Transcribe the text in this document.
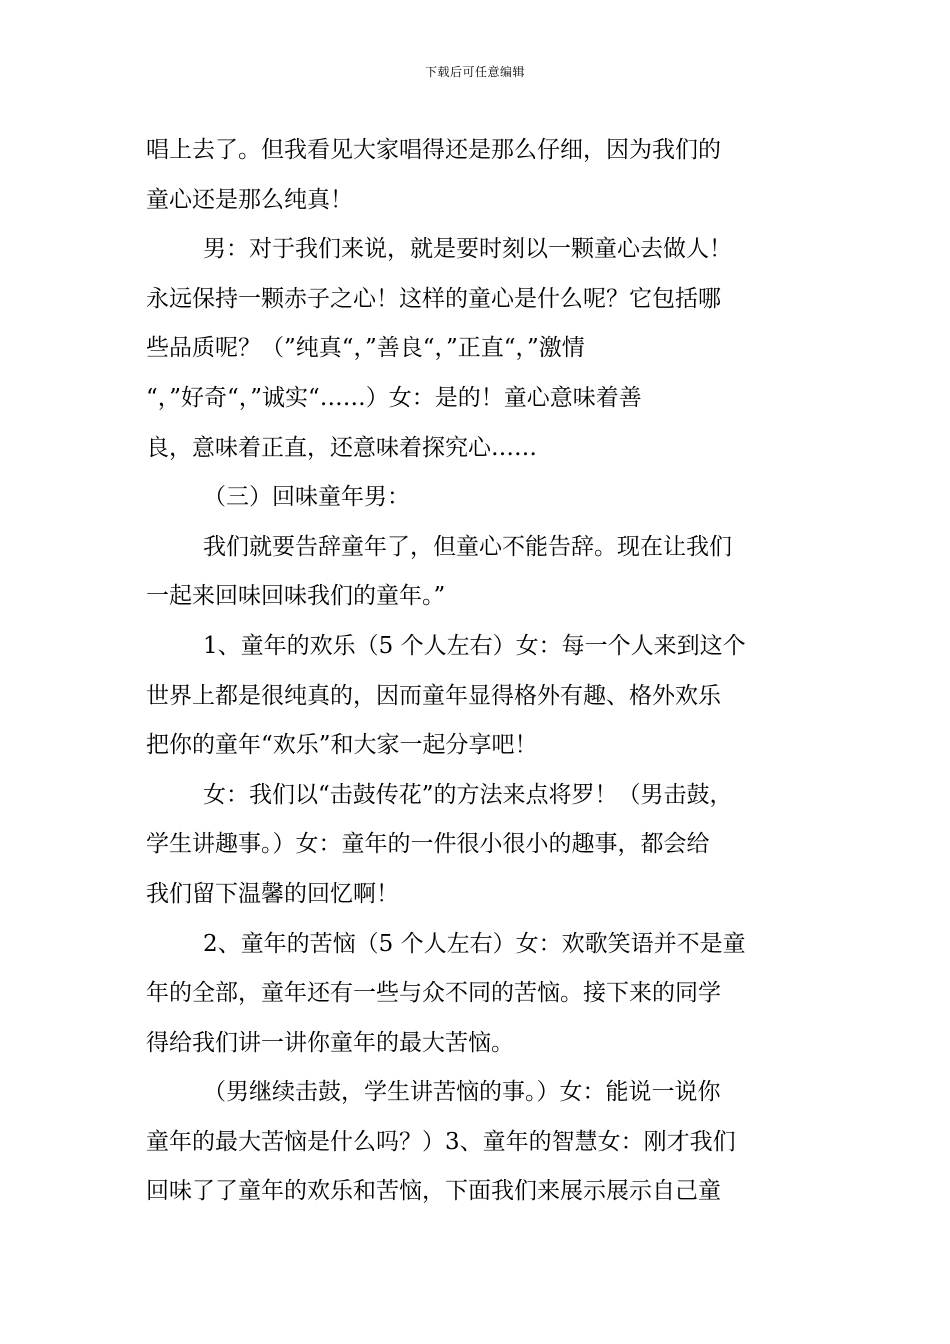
下载后可任意编辑
唱上去了。但我看见大家唱得还是那么仔细，因为我们的
童心还是那么纯真！
男：对于我们来说，就是要时刻以一颗童心去做人！
永远保持一颗赤子之心！这样的童心是什么呢？它包括哪
些品质呢？（”纯真“，”善良“，”正直“，”激情
“，”好奇“，”诚实“……）女：是的！童心意味着善
良，意味着正直，还意味着探究心……
（三）回味童年男：
我们就要告辞童年了，但童心不能告辞。现在让我们
一起来回味回味我们的童年。”
1、童年的欢乐（5 个人左右）女：每一个人来到这个
世界上都是很纯真的，因而童年显得格外有趣、格外欢乐
把你的童年“欢乐”和大家一起分享吧！
女：我们以“击鼓传花”的方法来点将罗！（男击鼓，
学生讲趣事。）女：童年的一件很小很小的趣事，都会给
我们留下温馨的回忆啊！
2、童年的苦恼（5 个人左右）女：欢歌笑语并不是童
年的全部，童年还有一些与众不同的苦恼。接下来的同学
得给我们讲一讲你童年的最大苦恼。
（男继续击鼓，学生讲苦恼的事。）女：能说一说你
童年的最大苦恼是什么吗？）3、童年的智慧女：刚才我们
回味了了童年的欢乐和苦恼，下面我们来展示展示自己童
